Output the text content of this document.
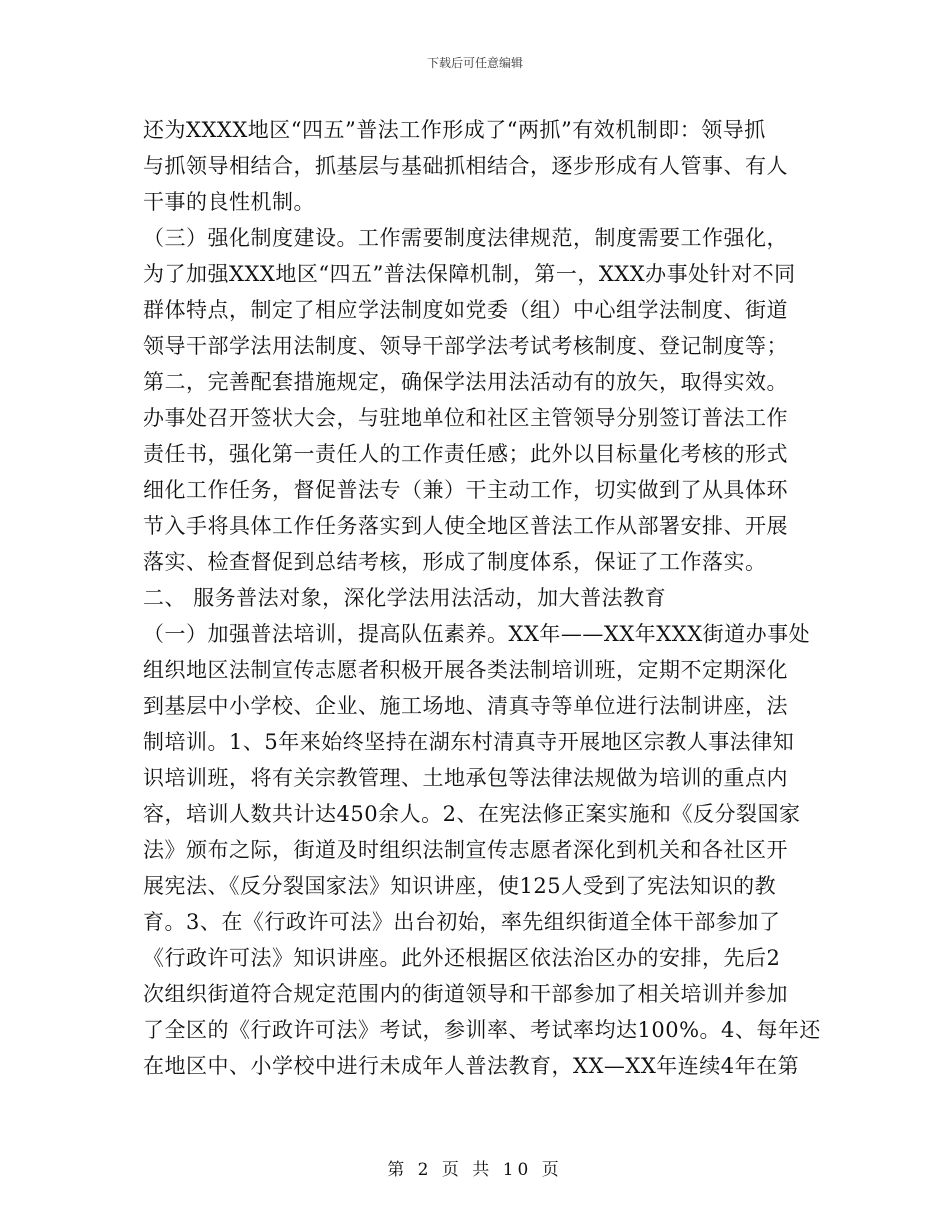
下载后可任意编辑
还为XXXX地区“四五”普法工作形成了“两抓”有效机制即：领导抓
与抓领导相结合，抓基层与基础抓相结合，逐步形成有人管事、有人
干事的良性机制。
（三）强化制度建设。工作需要制度法律规范，制度需要工作强化，
为了加强XXX地区“四五”普法保障机制，第一，XXX办事处针对不同
群体特点，制定了相应学法制度如党委（组）中心组学法制度、街道
领导干部学法用法制度、领导干部学法考试考核制度、登记制度等；
第二，完善配套措施规定，确保学法用法活动有的放矢，取得实效。
办事处召开签状大会，与驻地单位和社区主管领导分别签订普法工作
责任书，强化第一责任人的工作责任感；此外以目标量化考核的形式
细化工作任务，督促普法专（兼）干主动工作，切实做到了从具体环
节入手将具体工作任务落实到人使全地区普法工作从部署安排、开展
落实、检查督促到总结考核，形成了制度体系，保证了工作落实。
二、 服务普法对象，深化学法用法活动，加大普法教育
（一）加强普法培训，提高队伍素养。XX年——XX年XXX街道办事处
组织地区法制宣传志愿者积极开展各类法制培训班，定期不定期深化
到基层中小学校、企业、施工场地、清真寺等单位进行法制讲座，法
制培训。1、5年来始终坚持在湖东村清真寺开展地区宗教人事法律知
识培训班，将有关宗教管理、土地承包等法律法规做为培训的重点内
容，培训人数共计达450余人。2、在宪法修正案实施和《反分裂国家
法》颁布之际，街道及时组织法制宣传志愿者深化到机关和各社区开
展宪法、《反分裂国家法》知识讲座，使125人受到了宪法知识的教
育。3、在《行政许可法》出台初始，率先组织街道全体干部参加了
《行政许可法》知识讲座。此外还根据区依法治区办的安排，先后2
次组织街道符合规定范围内的街道领导和干部参加了相关培训并参加
了全区的《行政许可法》考试，参训率、考试率均达100%。4、每年还
在地区中、小学校中进行未成年人普法教育，XX—XX年连续4年在第
第 2 页 共 10 页
